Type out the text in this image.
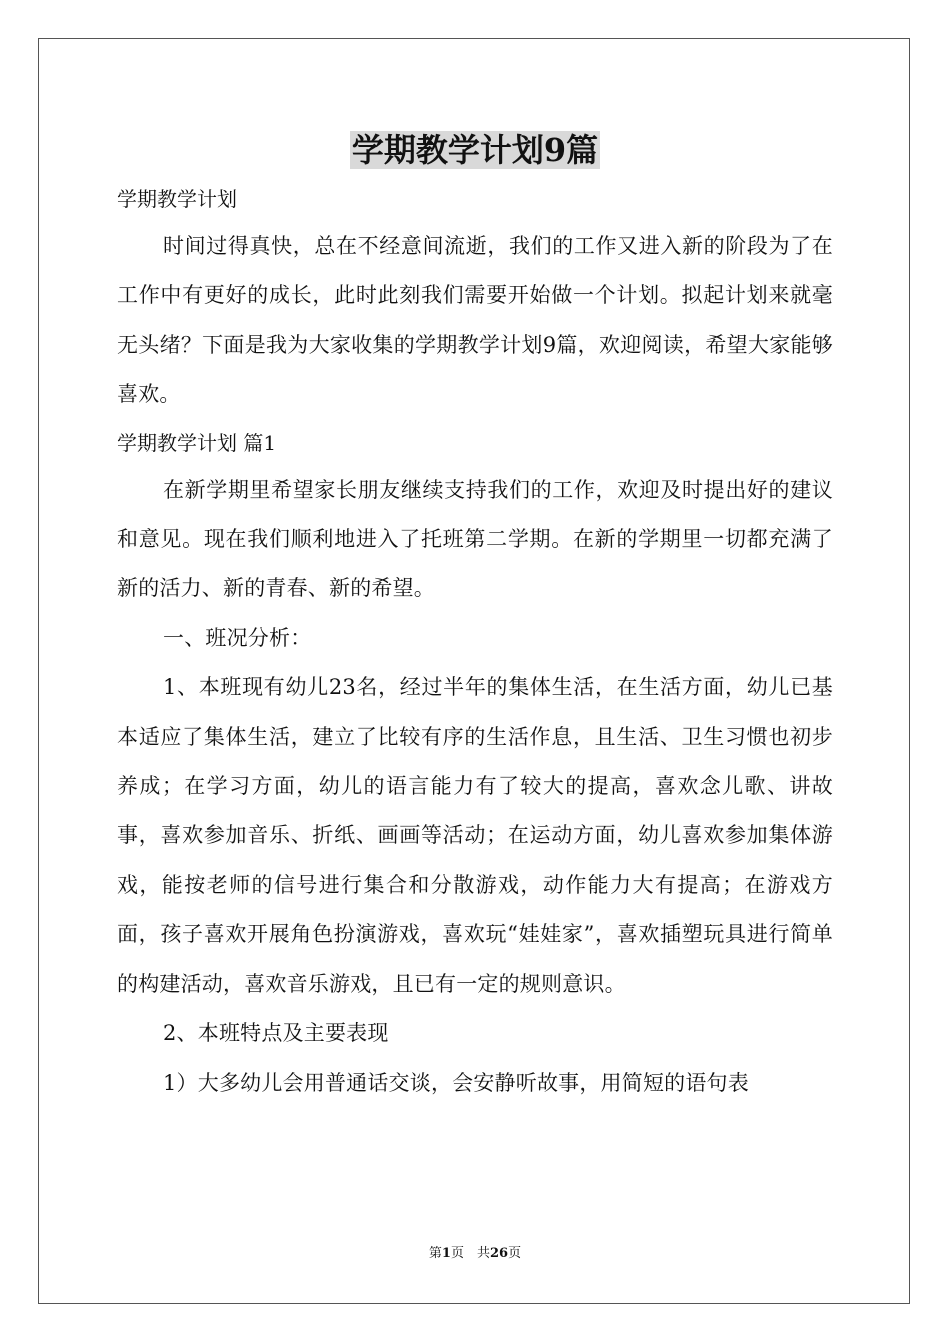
学期教学计划9篇

学期教学计划

时间过得真快，总在不经意间流逝，我们的工作又进入新的阶段为了在工作中有更好的成长，此时此刻我们需要开始做一个计划。拟起计划来就毫无头绪？下面是我为大家收集的学期教学计划9篇，欢迎阅读，希望大家能够喜欢。

学期教学计划 篇1

在新学期里希望家长朋友继续支持我们的工作，欢迎及时提出好的建议和意见。现在我们顺利地进入了托班第二学期。在新的学期里一切都充满了新的活力、新的青春、新的希望。

一、班况分析：

1、本班现有幼儿23名，经过半年的集体生活，在生活方面，幼儿已基本适应了集体生活，建立了比较有序的生活作息，且生活、卫生习惯也初步养成；在学习方面，幼儿的语言能力有了较大的提高，喜欢念儿歌、讲故事，喜欢参加音乐、折纸、画画等活动；在运动方面，幼儿喜欢参加集体游戏，能按老师的信号进行集合和分散游戏，动作能力大有提高；在游戏方面，孩子喜欢开展角色扮演游戏，喜欢玩“娃娃家”，喜欢插塑玩具进行简单的构建活动，喜欢音乐游戏，且已有一定的规则意识。

2、本班特点及主要表现

1）大多幼儿会用普通话交谈，会安静听故事，用简短的语句表

第1页　共26页
